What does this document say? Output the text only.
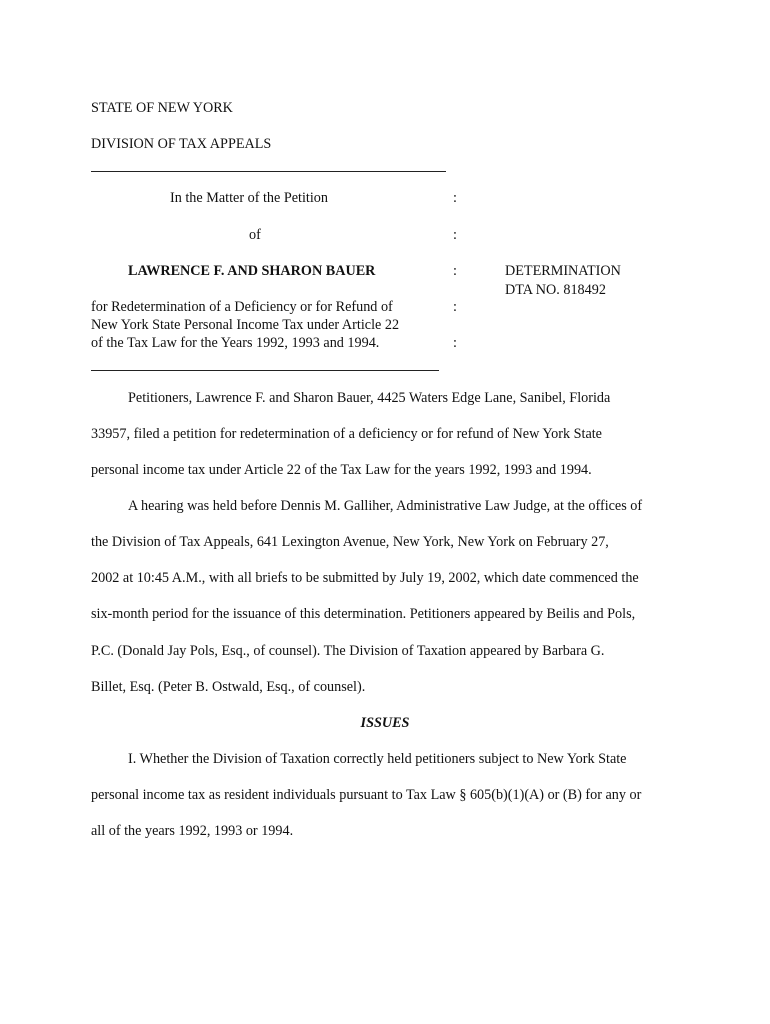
STATE OF NEW YORK
DIVISION OF TAX APPEALS
In the Matter of the Petition
of
LAWRENCE F. AND SHARON BAUER
for Redetermination of a Deficiency or for Refund of
New York State Personal Income Tax under Article 22
of the Tax Law for the Years 1992, 1993 and 1994.
:
:
:
:
:
DETERMINATION
DTA NO. 818492
Petitioners, Lawrence F. and Sharon Bauer, 4425 Waters Edge Lane, Sanibel, Florida
33957, filed a petition for redetermination of a deficiency or for refund of New York State
personal income tax under Article 22 of the Tax Law for the years 1992, 1993 and 1994.
A hearing was held before Dennis M. Galliher, Administrative Law Judge, at the offices of
the Division of Tax Appeals, 641 Lexington Avenue, New York, New York on February 27,
2002 at 10:45 A.M., with all briefs to be submitted by July 19, 2002, which date commenced the
six-month period for the issuance of this determination. Petitioners appeared by Beilis and Pols,
P.C. (Donald Jay Pols, Esq., of counsel). The Division of Taxation appeared by Barbara G.
Billet, Esq. (Peter B. Ostwald, Esq., of counsel).
ISSUES
I. Whether the Division of Taxation correctly held petitioners subject to New York State
personal income tax as resident individuals pursuant to Tax Law § 605(b)(1)(A) or (B) for any or
all of the years 1992, 1993 or 1994.
